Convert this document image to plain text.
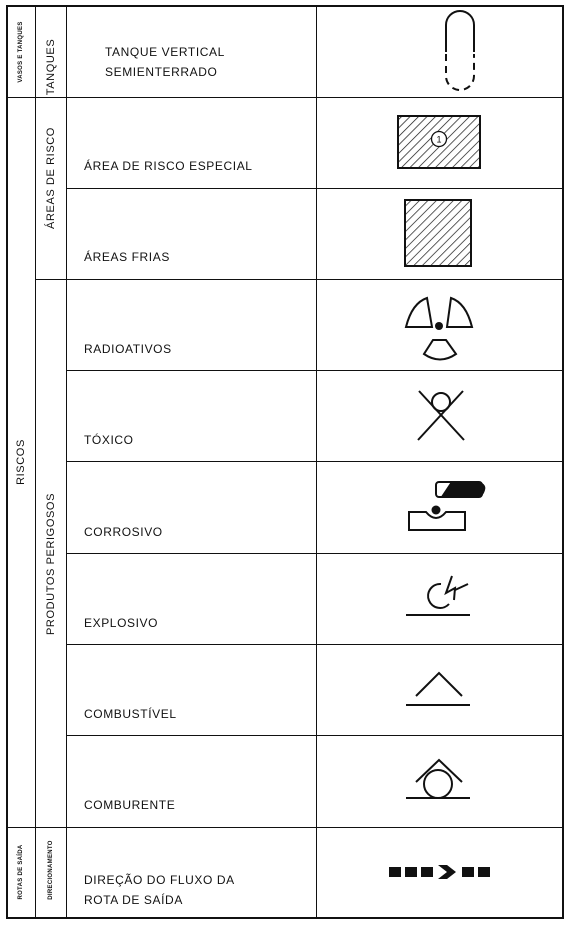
VASOS E TANQUES
RISCOS
ROTAS DE SAÍDA
TANQUES
ÁREAS DE RISCO
PRODUTOS PERIGOSOS
DIRECIONAMENTO
TANQUE VERTICAL
SEMIENTERRADO
ÁREA DE RISCO ESPECIAL
ÁREAS FRIAS
RADIOATIVOS
TÓXICO
CORROSIVO
EXPLOSIVO
COMBUSTÍVEL
COMBURENTE
DIREÇÃO DO FLUXO DA
ROTA DE SAÍDA
1
